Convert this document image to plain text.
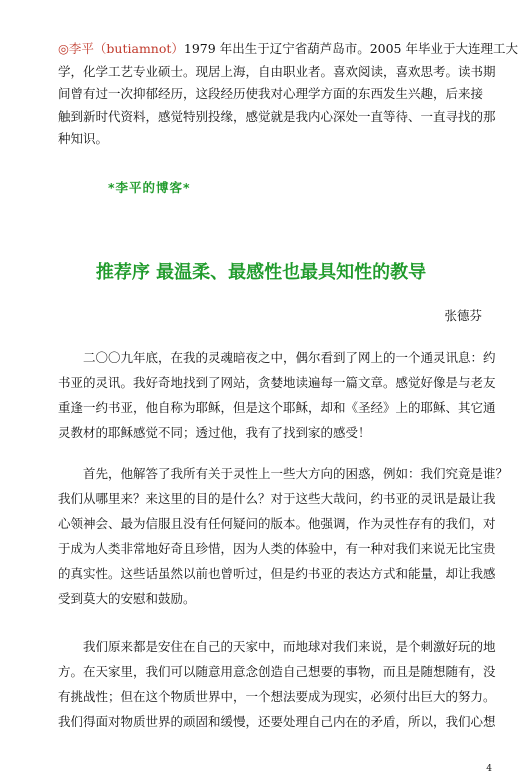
◎李平（butiamnot）1979 年出生于辽宁省葫芦岛市。2005 年毕业于大连理工大
学，化学工艺专业硕士。现居上海，自由职业者。喜欢阅读，喜欢思考。读书期
间曾有过一次抑郁经历，这段经历使我对心理学方面的东西发生兴趣，后来接
触到新时代资料，感觉特别投缘，感觉就是我内心深处一直等待、一直寻找的那
种知识。
*李平的博客*
推荐序 最温柔、最感性也最具知性的教导
张德芬
　　二〇〇九年底，在我的灵魂暗夜之中，偶尔看到了网上的一个通灵讯息：约
书亚的灵讯。我好奇地找到了网站，贪婪地读遍每一篇文章。感觉好像是与老友
重逢一约书亚，他自称为耶稣，但是这个耶稣，却和《圣经》上的耶稣、其它通
灵教材的耶稣感觉不同；透过他，我有了找到家的感受！
　　首先，他解答了我所有关于灵性上一些大方向的困惑，例如：我们究竟是谁？
我们从哪里来？来这里的目的是什么？对于这些大哉问，约书亚的灵讯是最让我
心领神会、最为信服且没有任何疑问的版本。他强调，作为灵性存有的我们，对
于成为人类非常地好奇且珍惜，因为人类的体验中，有一种对我们来说无比宝贵
的真实性。这些话虽然以前也曾听过，但是约书亚的表达方式和能量，却让我感
受到莫大的安慰和鼓励。
　　我们原来都是安住在自己的天家中，而地球对我们来说，是个刺激好玩的地
方。在天家里，我们可以随意用意念创造自己想要的事物，而且是随想随有，没
有挑战性；但在这个物质世界中，一个想法要成为现实，必须付出巨大的努力。
我们得面对物质世界的顽固和缓慢，还要处理自己内在的矛盾，所以，我们心想
4
